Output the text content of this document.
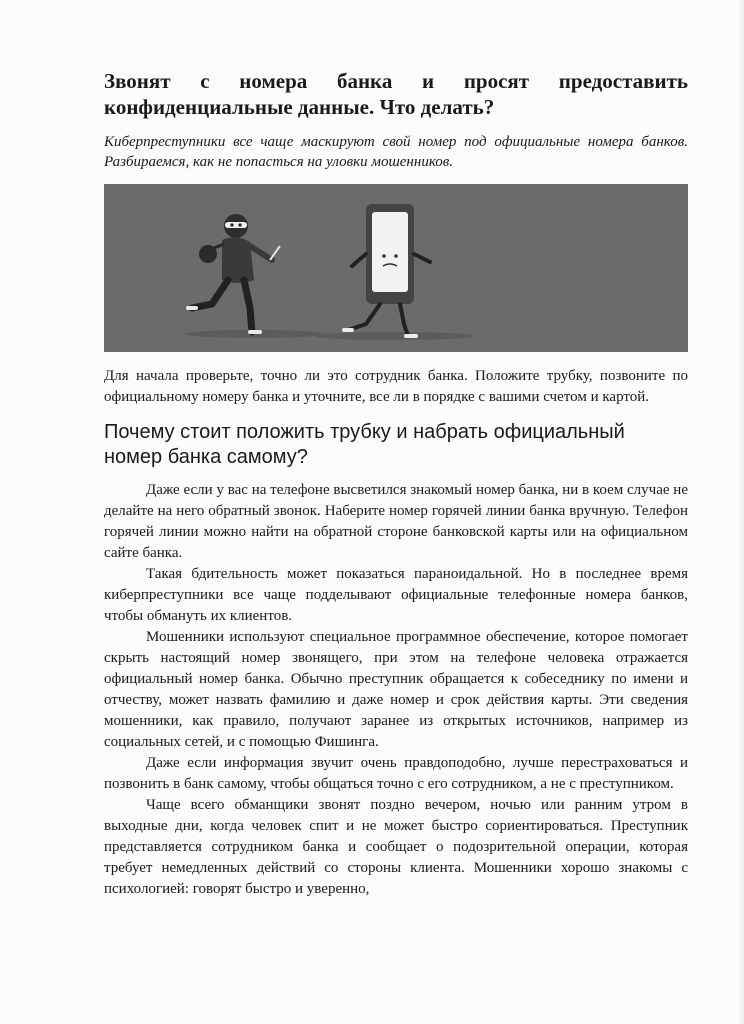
Звонят с номера банка и просят предоставить конфиденциальные данные. Что делать?

Киберпреступники все чаще маскируют свой номер под официальные номера банков. Разбираемся, как не попасться на уловки мошенников.

Для начала проверьте, точно ли это сотрудник банка. Положите трубку, позвоните по официальному номеру банка и уточните, все ли в порядке с вашими счетом и картой.

Почему стоит положить трубку и набрать официальный номер банка самому?

Даже если у вас на телефоне высветился знакомый номер банка, ни в коем случае не делайте на него обратный звонок. Наберите номер горячей линии банка вручную. Телефон горячей линии можно найти на обратной стороне банковской карты или на официальном сайте банка.

Такая бдительность может показаться параноидальной. Но в последнее время киберпреступники все чаще подделывают официальные телефонные номера банков, чтобы обмануть их клиентов.

Мошенники используют специальное программное обеспечение, которое помогает скрыть настоящий номер звонящего, при этом на телефоне человека отражается официальный номер банка. Обычно преступник обращается к собеседнику по имени и отчеству, может назвать фамилию и даже номер и срок действия карты. Эти сведения мошенники, как правило, получают заранее из открытых источников, например из социальных сетей, и с помощью Фишинга.

Даже если информация звучит очень правдоподобно, лучше перестраховаться и позвонить в банк самому, чтобы общаться точно с его сотрудником, а не с преступником.

Чаще всего обманщики звонят поздно вечером, ночью или ранним утром в выходные дни, когда человек спит и не может быстро сориентироваться. Преступник представляется сотрудником банка и сообщает о подозрительной операции, которая требует немедленных действий со стороны клиента. Мошенники хорошо знакомы с психологией: говорят быстро и уверенно,
